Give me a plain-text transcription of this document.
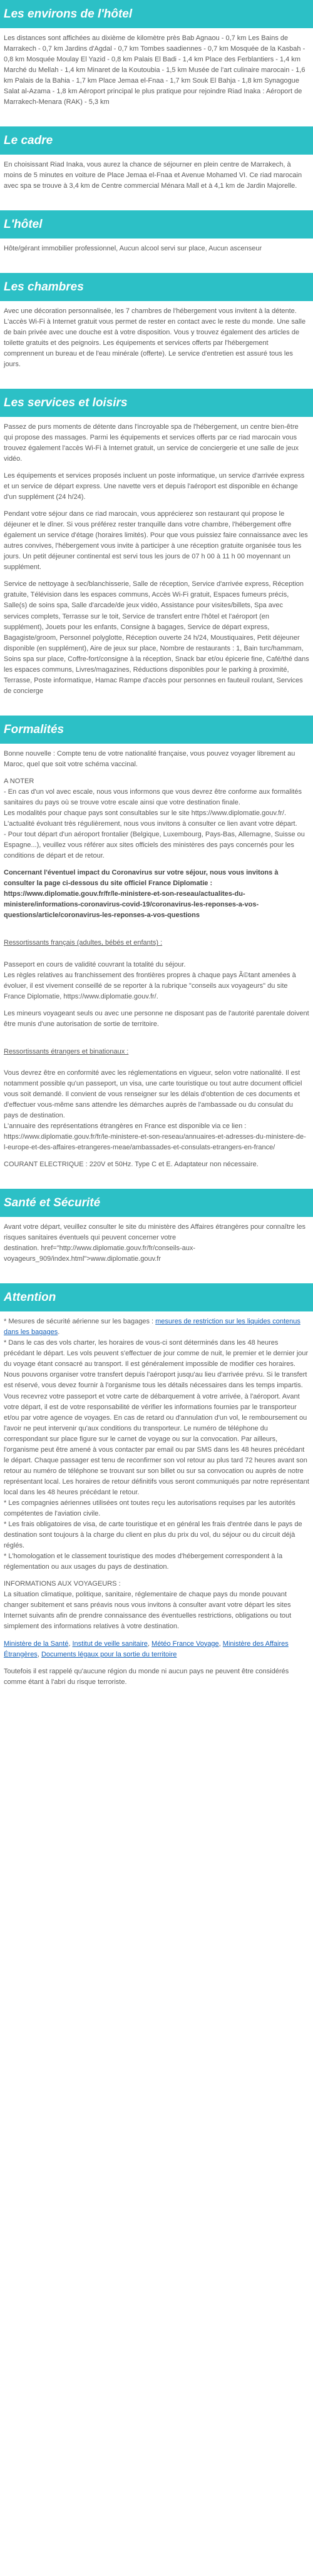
Les environs de l'hôtel

Les distances sont affichées au dixième de kilomètre près Bab Agnaou - 0,7 km Les Bains de Marrakech - 0,7 km Jardins d'Agdal - 0,7 km Tombes saadiennes - 0,7 km Mosquée de la Kasbah - 0,8 km Mosquée Moulay El Yazid - 0,8 km Palais El Badi - 1,4 km Place des Ferblantiers - 1,4 km Marché du Mellah - 1,4 km Minaret de la Koutoubia - 1,5 km Musée de l'art culinaire marocain - 1,6 km Palais de la Bahia - 1,7 km Place Jemaa el-Fnaa - 1,7 km Souk El Bahja - 1,8 km Synagogue Salat al-Azama - 1,8 km Aéroport principal le plus pratique pour rejoindre Riad Inaka : Aéroport de Marrakech-Menara (RAK) - 5,3 km

Le cadre

En choisissant Riad Inaka, vous aurez la chance de séjourner en plein centre de Marrakech, à moins de 5 minutes en voiture de Place Jemaa el-Fnaa et Avenue Mohamed VI. Ce riad marocain avec spa se trouve à 3,4 km de Centre commercial Ménara Mall et à 4,1 km de Jardin Majorelle.

L'hôtel

Hôte/gérant immobilier professionnel, Aucun alcool servi sur place, Aucun ascenseur

Les chambres

Avec une décoration personnalisée, les 7 chambres de l'hébergement vous invitent à la détente. L'accès Wi-Fi à Internet gratuit vous permet de rester en contact avec le reste du monde. Une salle de bain privée avec une douche est à votre disposition. Vous y trouvez également des articles de toilette gratuits et des peignoirs. Les équipements et services offerts par l'hébergement comprennent un bureau et de l'eau minérale (offerte). Le service d'entretien est assuré tous les jours.

Les services et loisirs

Passez de purs moments de détente dans l'incroyable spa de l'hébergement, un centre bien-être qui propose des massages. Parmi les équipements et services offerts par ce riad marocain vous trouvez également l'accès Wi-Fi à Internet gratuit, un service de conciergerie et une salle de jeux vidéo.

Les équipements et services proposés incluent un poste informatique, un service d'arrivée express et un service de départ express. Une navette vers et depuis l'aéroport est disponible en échange d'un supplément (24 h/24).

Pendant votre séjour dans ce riad marocain, vous apprécierez son restaurant qui propose le déjeuner et le dîner. Si vous préférez rester tranquille dans votre chambre, l'hébergement offre également un service d'étage (horaires limités). Pour que vous puissiez faire connaissance avec les autres convives, l'hébergement vous invite à participer à une réception gratuite organisée tous les jours. Un petit déjeuner continental est servi tous les jours de 07 h 00 à 11 h 00 moyennant un supplément.

Service de nettoyage à sec/blanchisserie, Salle de réception, Service d'arrivée express, Réception gratuite, Télévision dans les espaces communs, Accès Wi-Fi gratuit, Espaces fumeurs précis, Salle(s) de soins spa, Salle d'arcade/de jeux vidéo, Assistance pour visites/billets, Spa avec services complets, Terrasse sur le toit, Service de transfert entre l'hôtel et l'aéroport (en supplément), Jouets pour les enfants, Consigne à bagages, Service de départ express, Bagagiste/groom, Personnel polyglotte, Réception ouverte 24 h/24, Moustiquaires, Petit déjeuner disponible (en supplément), Aire de jeux sur place, Nombre de restaurants : 1, Bain turc/hammam, Soins spa sur place, Coffre-fort/consigne à la réception, Snack bar et/ou épicerie fine, Café/thé dans les espaces communs, Livres/magazines, Réductions disponibles pour le parking à proximité, Terrasse, Poste informatique, Hamac Rampe d'accès pour personnes en fauteuil roulant, Services de concierge

Formalités

Bonne nouvelle : Compte tenu de votre nationalité française, vous pouvez voyager librement au Maroc, quel que soit votre schéma vaccinal.

A NOTER
- En cas d'un vol avec escale, nous vous informons que vous devrez être conforme aux formalités sanitaires du pays où se trouve votre escale ainsi que votre destination finale.
Les modalités pour chaque pays sont consultables sur le site https://www.diplomatie.gouv.fr/. L'actualité évoluant très régulièrement, nous vous invitons à consulter ce lien avant votre départ.
- Pour tout départ d'un aéroport frontalier (Belgique, Luxembourg, Pays-Bas, Allemagne, Suisse ou Espagne...), veuillez vous référer aux sites officiels des ministères des pays concernés pour les conditions de départ et de retour.

Concernant l'éventuel impact du Coronavirus sur votre séjour, nous vous invitons à consulter la page ci-dessous du site officiel France Diplomatie : https://www.diplomatie.gouv.fr/fr/le-ministere-et-son-reseau/actualites-du-ministere/informations-coronavirus-covid-19/coronavirus-les-reponses-a-vos-questions/article/coronavirus-les-reponses-a-vos-questions

Ressortissants français (adultes, bébés et enfants) :

Passeport en cours de validité couvrant la totalité du séjour.
Les règles relatives au franchissement des frontières propres à chaque pays Ã©tant amenées à évoluer, il est vivement conseillé de se reporter à la rubrique "conseils aux voyageurs" du site France Diplomatie, https://www.diplomatie.gouv.fr/.

Les mineurs voyageant seuls ou avec une personne ne disposant pas de l'autorité parentale doivent être munis d'une autorisation de sortie de territoire.

Ressortissants étrangers et binationaux :

Vous devrez être en conformité avec les réglementations en vigueur, selon votre nationalité. Il est notamment possible qu'un passeport, un visa, une carte touristique ou tout autre document officiel vous soit demandé. Il convient de vous renseigner sur les délais d'obtention de ces documents et d'effectuer vous-même sans attendre les démarches auprès de l'ambassade ou du consulat du pays de destination.
L'annuaire des représentations étrangères en France est disponible via ce lien : https://www.diplomatie.gouv.fr/fr/le-ministere-et-son-reseau/annuaires-et-adresses-du-ministere-de-l-europe-et-des-affaires-etrangeres-meae/ambassades-et-consulats-etrangers-en-france/

COURANT ELECTRIQUE : 220V et 50Hz. Type C et E. Adaptateur non nécessaire.

Santé et Sécurité

Avant votre départ, veuillez consulter le site du ministère des Affaires étrangères pour connaître les risques sanitaires éventuels qui peuvent concerner votre
destination. href="http://www.diplomatie.gouv.fr/fr/conseils-aux-voyageurs_909/index.html">www.diplomatie.gouv.fr

Attention

* Mesures de sécurité aérienne sur les bagages : mesures de restriction sur les liquides contenus dans les bagages.
* Dans le cas des vols charter, les horaires de vous-ci sont déterminés dans les 48 heures précédant le départ. Les vols peuvent s'effectuer de jour comme de nuit, le premier et le dernier jour du voyage étant consacré au transport. Il est généralement impossible de modifier ces horaires. Nous pouvons organiser votre transfert depuis l'aéroport jusqu'au lieu d'arrivée prévu. Si le transfert est réservé, vous devez fournir à l'organisme tous les détails nécessaires dans les temps impartis. Vous recevrez votre passeport et votre carte de débarquement à votre arrivée, à l'aéroport. Avant votre départ, il est de votre responsabilité de vérifier les informations fournies par le transporteur et/ou par votre agence de voyages. En cas de retard ou d'annulation d'un vol, le remboursement ou l'avoir ne peut intervenir qu'aux conditions du transporteur. Le numéro de téléphone du correspondant sur place figure sur le carnet de voyage ou sur la convocation. Par ailleurs, l'organisme peut être amené à vous contacter par email ou par SMS dans les 48 heures précédant le départ. Chaque passager est tenu de reconfirmer son vol retour au plus tard 72 heures avant son retour au numéro de téléphone se trouvant sur son billet ou sur sa convocation ou auprès de notre représentant local. Les horaires de retour définitifs vous seront communiqués par notre représentant local dans les 48 heures précédant le retour.
* Les compagnies aériennes utilisées ont toutes reçu les autorisations requises par les autorités compétentes de l'aviation civile.
* Les frais obligatoires de visa, de carte touristique et en général les frais d'entrée dans le pays de destination sont toujours à la charge du client en plus du prix du vol, du séjour ou du circuit déjà réglés.
* L'homologation et le classement touristique des modes d'hébergement correspondent à la réglementation ou aux usages du pays de destination.

INFORMATIONS AUX VOYAGEURS :
La situation climatique, politique, sanitaire, réglementaire de chaque pays du monde pouvant changer subitement et sans préavis nous vous invitons à consulter avant votre départ les sites Internet suivants afin de prendre connaissance des éventuelles restrictions, obligations ou tout simplement des informations relatives à votre destination.

Ministère de la Santé, Institut de veille sanitaire, Météo France Voyage, Ministère des Affaires Étrangères, Documents légaux pour la sortie du territoire

Toutefois il est rappelé qu'aucune région du monde ni aucun pays ne peuvent être considérés comme étant à l'abri du risque terroriste.
